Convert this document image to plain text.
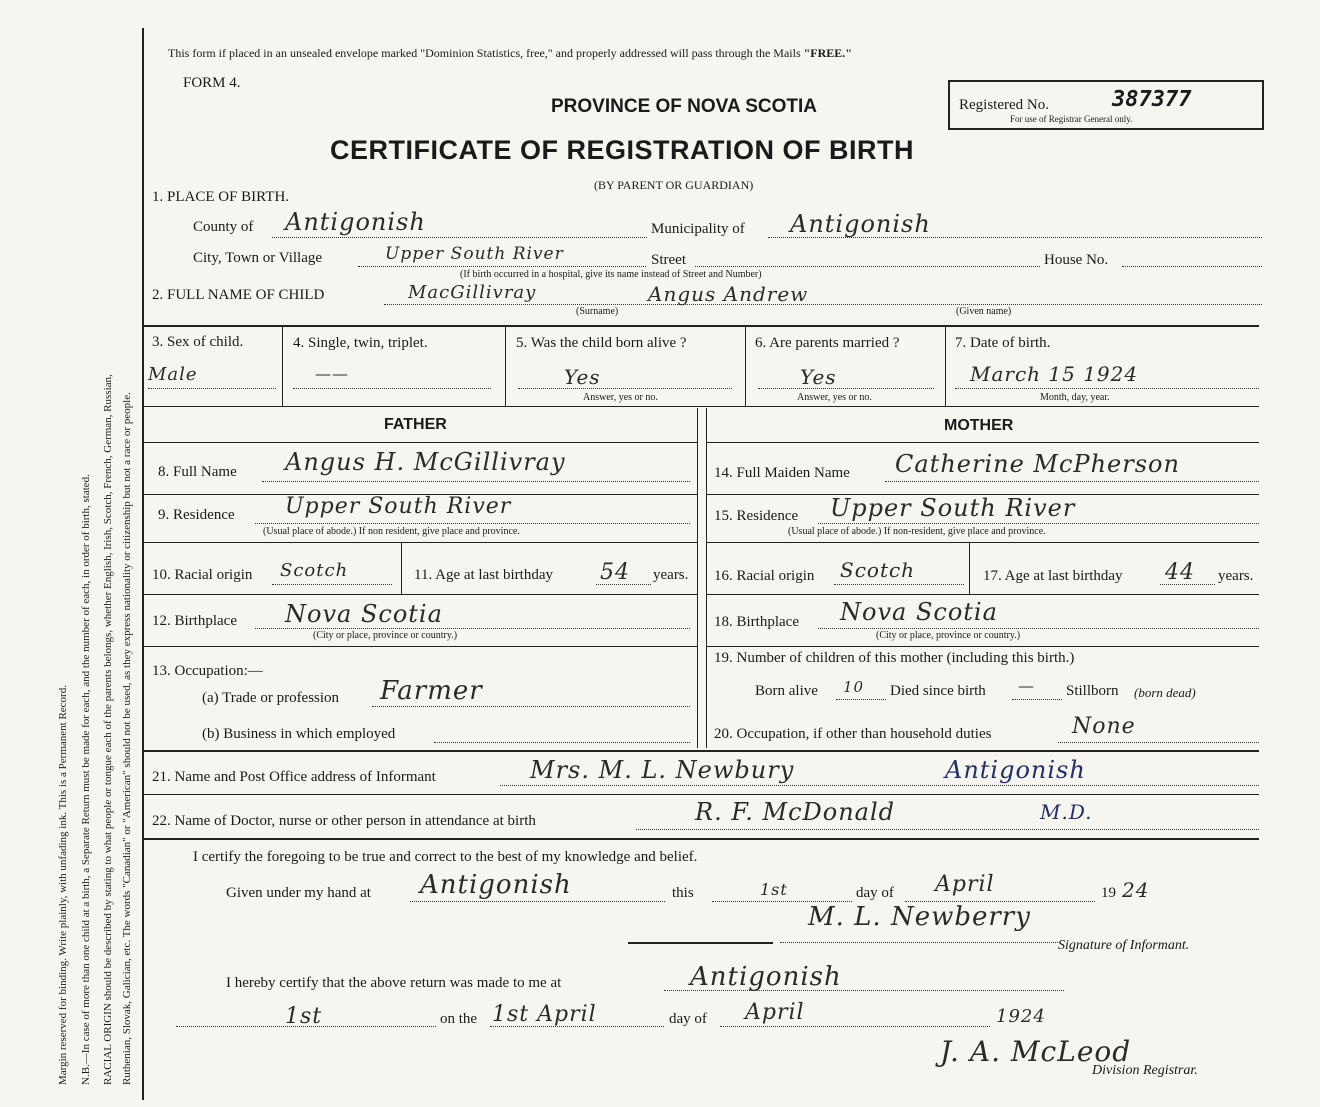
Margin reserved for binding. Write plainly, with unfading ink. This is a Permanent Record. N.B.—In case of more than one child at a birth, a Separate Return must be made for each, and the number of each, in order of birth, stated. RACIAL ORIGIN should be described by stating to what people or tongue each of the parents belongs, whether English, Irish, Scotch, French, German, Russian, Ruthenian, Slovak, Galician, etc. The words "Canadian" or "American" should not be used, as they express nationality or citizenship but not a race or people.
This form if placed in an unsealed envelope marked "Dominion Statistics, free," and properly addressed will pass through the Mails "FREE."
FORM 4.
PROVINCE OF NOVA SCOTIA	Registered No.	387377
For use of Registrar General only.
CERTIFICATE OF REGISTRATION OF BIRTH
(BY PARENT OR GUARDIAN)
1. PLACE OF BIRTH.
County of Antigonish	Municipality of Antigonish
City, Town or Village	Upper South River	Street	House No.
(If birth occurred in a hospital, give its name instead of Street and Number)
2. FULL NAME OF CHILD	MacGillivray	Angus Andrew
(Surname)	(Given name)
3. Sex of child.
Male
4. Single, twin, triplet.
——
5. Was the child born alive ?
Yes
Answer, yes or no.
6. Are parents married ?
Yes
Answer, yes or no.
7. Date of birth.
March 15 1924
Month, day, year.
FATHER	MOTHER
8. Full Name Angus H. McGillivray
9. Residence Upper South River
(Usual place of abode.) If non resident, give place and province.
10. Racial origin Scotch	11. Age at last birthday 54 years.
12. Birthplace Nova Scotia
(City or place, province or country.)
13. Occupation:—
(a) Trade or profession Farmer
(b) Business in which employed
14. Full Maiden Name Catherine McPherson
15. Residence Upper South River
(Usual place of abode.) If non-resident, give place and province.
16. Racial origin Scotch	17. Age at last birthday 44 years.
18. Birthplace Nova Scotia
(City or place, province or country.)
19. Number of children of this mother (including this birth.)
Born alive 10 Died since birth — Stillborn (born dead)
20. Occupation, if other than household duties	None
21. Name and Post Office address of Informant	Mrs. M. L. Newbury	Antigonish
22. Name of Doctor, nurse or other person in attendance at birth	R. F. McDonald	M.D.
I certify the foregoing to be true and correct to the best of my knowledge and belief.
Given under my hand at Antigonish	this	1st	day of April	19 24
M. L. Newberry
Signature of Informant.
I hereby certify that the above return was made to me at	Antigonish
1st	on the 1st April	day of April	1924
J. A. McLeod
Division Registrar.
